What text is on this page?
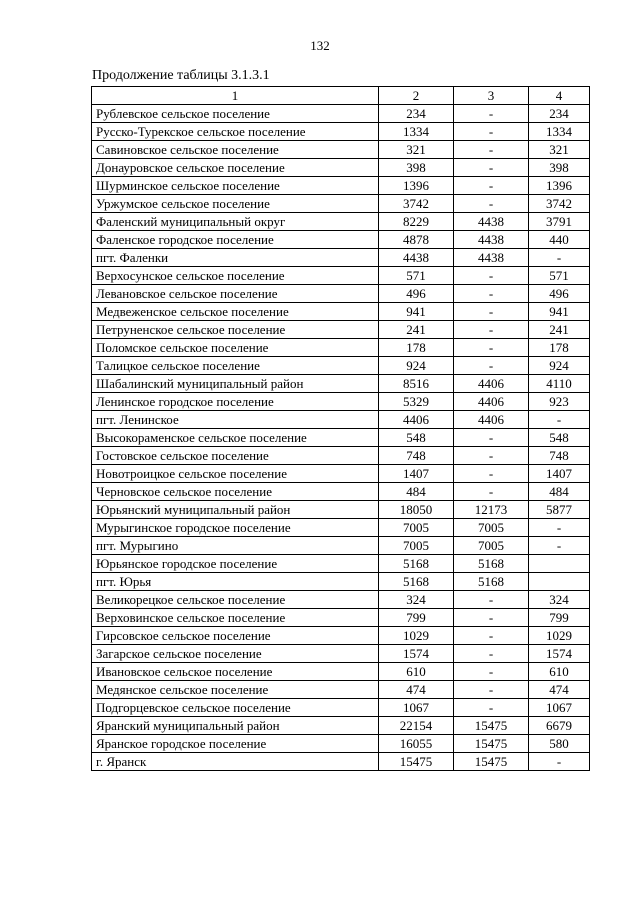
132
Продолжение таблицы 3.1.3.1
1	2	3	4
Рублевское сельское поселение	234	-	234
Русско-Турекское сельское поселение	1334	-	1334
Савиновское сельское поселение	321	-	321
Донауровское сельское поселение	398	-	398
Шурминское сельское поселение	1396	-	1396
Уржумское сельское поселение	3742	-	3742
Фаленский муниципальный округ	8229	4438	3791
Фаленское городское поселение	4878	4438	440
пгт. Фаленки	4438	4438	-
Верхосунское сельское поселение	571	-	571
Левановское сельское поселение	496	-	496
Медвеженское сельское поселение	941	-	941
Петруненское сельское поселение	241	-	241
Поломское сельское поселение	178	-	178
Талицкое сельское поселение	924	-	924
Шабалинский муниципальный район	8516	4406	4110
Ленинское городское поселение	5329	4406	923
пгт. Ленинское	4406	4406	-
Высокораменское сельское поселение	548	-	548
Гостовское сельское поселение	748	-	748
Новотроицкое сельское поселение	1407	-	1407
Черновское сельское поселение	484	-	484
Юрьянский муниципальный район	18050	12173	5877
Мурыгинское городское поселение	7005	7005	-
пгт. Мурыгино	7005	7005	-
Юрьянское городское поселение	5168	5168	
пгт. Юрья	5168	5168	
Великорецкое сельское поселение	324	-	324
Верховинское сельское поселение	799	-	799
Гирсовское сельское поселение	1029	-	1029
Загарское сельское поселение	1574	-	1574
Ивановское сельское поселение	610	-	610
Медянское сельское поселение	474	-	474
Подгорцевское сельское поселение	1067	-	1067
Яранский муниципальный район	22154	15475	6679
Яранское городское поселение	16055	15475	580
г. Яранск	15475	15475	-
